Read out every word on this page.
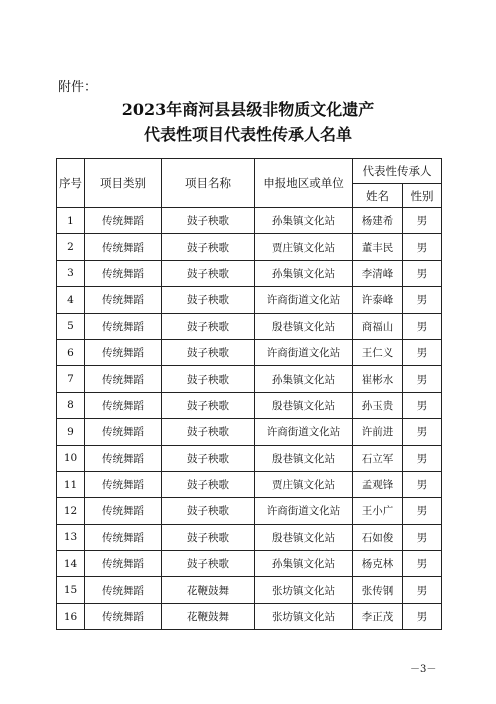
附件：
2023年商河县县级非物质文化遗产
代表性项目代表性传承人名单
序号	项目类别	项目名称	申报地区或单位	代表性传承人	
				姓名	性别
1	传统舞蹈	鼓子秧歌	孙集镇文化站	杨建希	男
2	传统舞蹈	鼓子秧歌	贾庄镇文化站	董丰民	男
3	传统舞蹈	鼓子秧歌	孙集镇文化站	李清峰	男
4	传统舞蹈	鼓子秧歌	许商街道文化站	许泰峰	男
5	传统舞蹈	鼓子秧歌	殷巷镇文化站	商福山	男
6	传统舞蹈	鼓子秧歌	许商街道文化站	王仁义	男
7	传统舞蹈	鼓子秧歌	孙集镇文化站	崔彬水	男
8	传统舞蹈	鼓子秧歌	殷巷镇文化站	孙玉贵	男
9	传统舞蹈	鼓子秧歌	许商街道文化站	许前进	男
10	传统舞蹈	鼓子秧歌	殷巷镇文化站	石立军	男
11	传统舞蹈	鼓子秧歌	贾庄镇文化站	孟观锋	男
12	传统舞蹈	鼓子秧歌	许商街道文化站	王小广	男
13	传统舞蹈	鼓子秧歌	殷巷镇文化站	石如俊	男
14	传统舞蹈	鼓子秧歌	孙集镇文化站	杨克林	男
15	传统舞蹈	花鞭鼓舞	张坊镇文化站	张传钢	男
16	传统舞蹈	花鞭鼓舞	张坊镇文化站	李正茂	男
－3－
